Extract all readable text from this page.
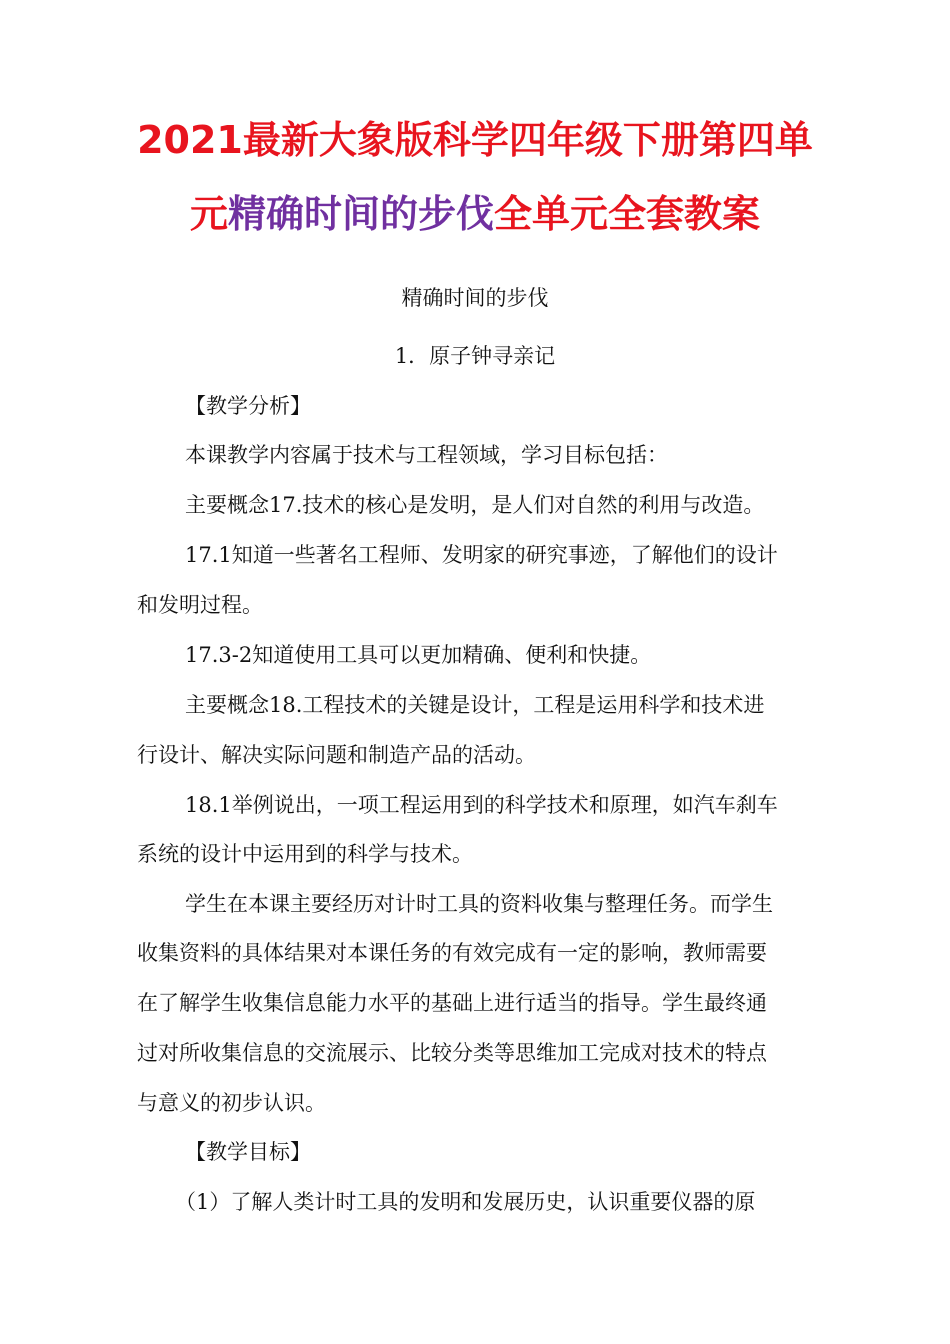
2021最新大象版科学四年级下册第四单
元精确时间的步伐全单元全套教案
精确时间的步伐
1．原子钟寻亲记
【教学分析】
本课教学内容属于技术与工程领域，学习目标包括：
主要概念17.技术的核心是发明，是人们对自然的利用与改造。
17.1知道一些著名工程师、发明家的研究事迹，了解他们的设计
和发明过程。
17.3-2知道使用工具可以更加精确、便利和快捷。
主要概念18.工程技术的关键是设计，工程是运用科学和技术进
行设计、解决实际问题和制造产品的活动。
18.1举例说出，一项工程运用到的科学技术和原理，如汽车刹车
系统的设计中运用到的科学与技术。
学生在本课主要经历对计时工具的资料收集与整理任务。而学生
收集资料的具体结果对本课任务的有效完成有一定的影响，教师需要
在了解学生收集信息能力水平的基础上进行适当的指导。学生最终通
过对所收集信息的交流展示、比较分类等思维加工完成对技术的特点
与意义的初步认识。
【教学目标】
（1）了解人类计时工具的发明和发展历史，认识重要仪器的原
